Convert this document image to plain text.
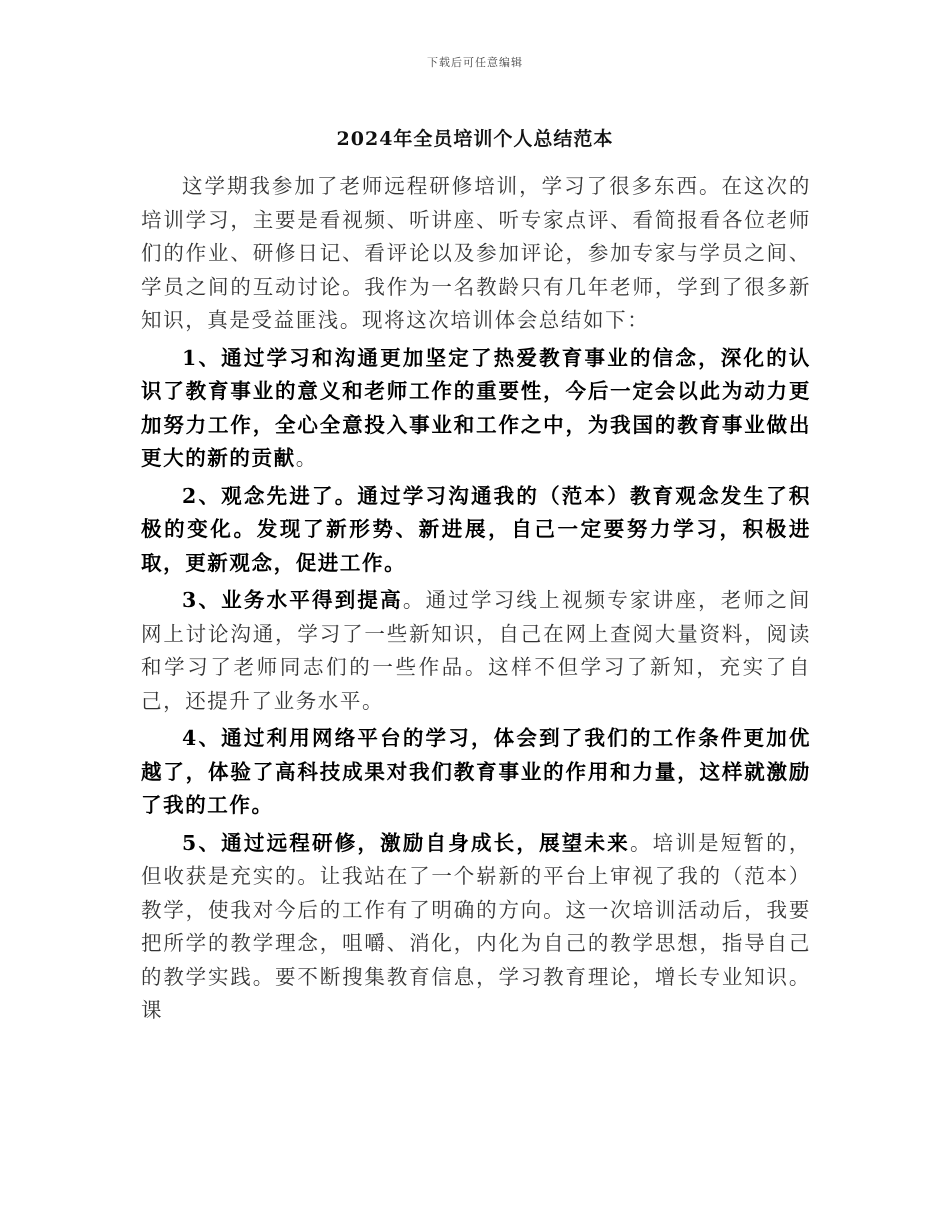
下载后可任意编辑
2024年全员培训个人总结范本

这学期我参加了老师远程研修培训，学习了很多东西。在这次的培训学习，主要是看视频、听讲座、听专家点评、看简报看各位老师们的作业、研修日记、看评论以及参加评论，参加专家与学员之间、学员之间的互动讨论。我作为一名教龄只有几年老师，学到了很多新知识，真是受益匪浅。现将这次培训体会总结如下：

1、通过学习和沟通更加坚定了热爱教育事业的信念，深化的认识了教育事业的意义和老师工作的重要性，今后一定会以此为动力更加努力工作，全心全意投入事业和工作之中，为我国的教育事业做出更大的新的贡献。

2、观念先进了。通过学习沟通我的（范本）教育观念发生了积极的变化。发现了新形势、新进展，自己一定要努力学习，积极进取，更新观念，促进工作。

3、业务水平得到提高。通过学习线上视频专家讲座，老师之间网上讨论沟通，学习了一些新知识，自己在网上查阅大量资料，阅读和学习了老师同志们的一些作品。这样不但学习了新知，充实了自己，还提升了业务水平。

4、通过利用网络平台的学习，体会到了我们的工作条件更加优越了，体验了高科技成果对我们教育事业的作用和力量，这样就激励了我的工作。

5、通过远程研修，激励自身成长，展望未来。培训是短暂的，但收获是充实的。让我站在了一个崭新的平台上审视了我的（范本）教学，使我对今后的工作有了明确的方向。这一次培训活动后，我要把所学的教学理念，咀嚼、消化，内化为自己的教学思想，指导自己的教学实践。要不断搜集教育信息，学习教育理论，增长专业知识。课
